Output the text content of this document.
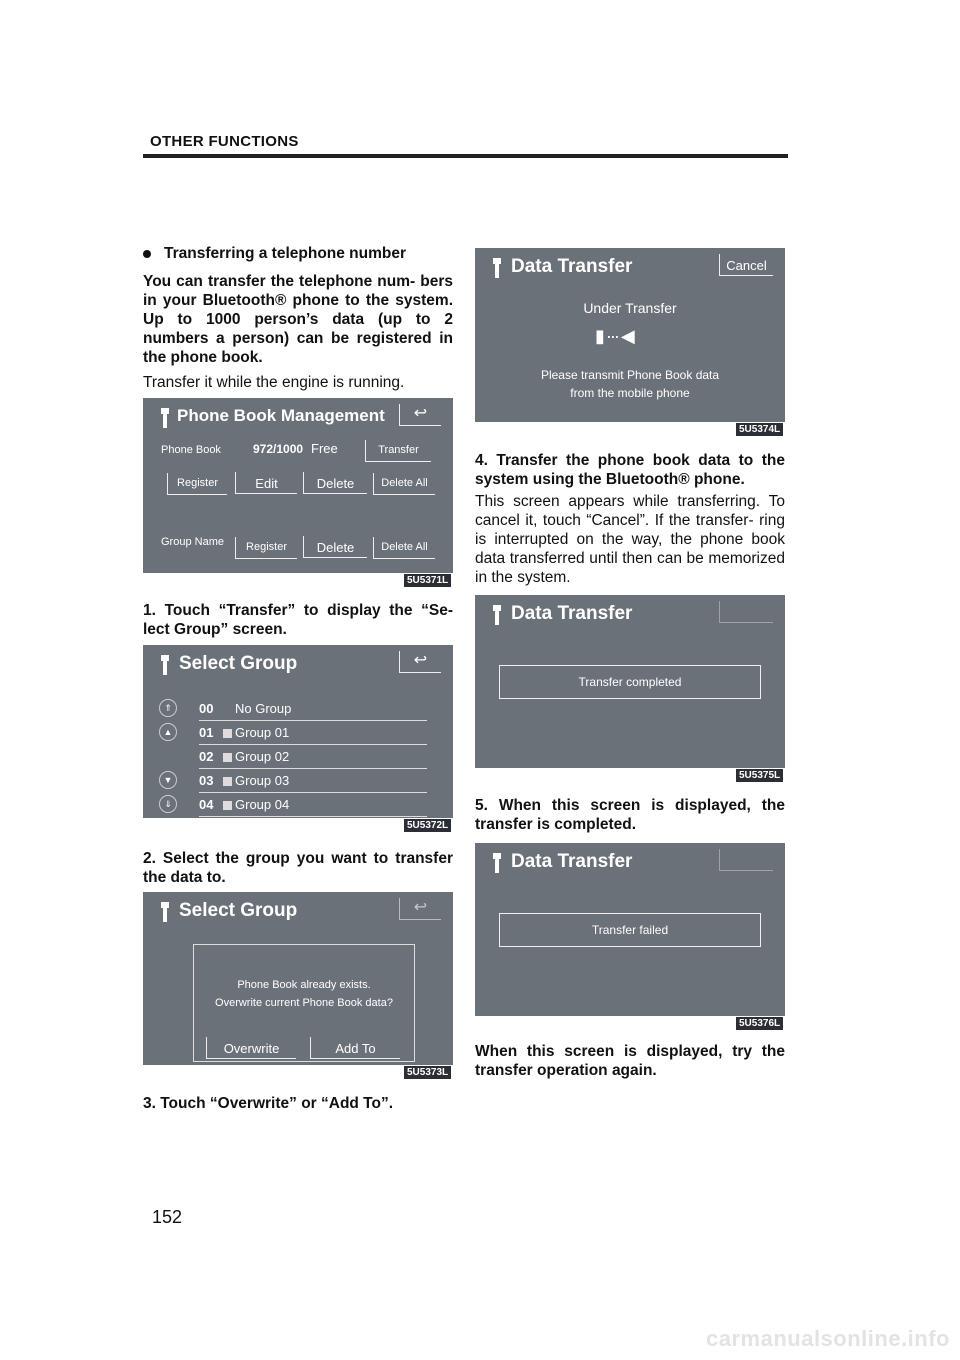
OTHER FUNCTIONS
Transferring a telephone number
You can transfer the telephone num- bers in your Bluetooth® phone to the system. Up to 1000 person’s data (up to 2 numbers a person) can be registered in the phone book.
Transfer it while the engine is running.
Phone Book Management	↩
Phone Book	972/1000 Free	Transfer
Register	Edit	Delete	Delete All
Group Name	Register	Delete	Delete All
5U5371L
1. Touch “Transfer” to display the “Se- lect Group” screen.
Select Group	↩
⇑
▲
▼
⇓
00 No Group
01 Group 01
02 Group 02
03 Group 03
04 Group 04
5U5372L
2. Select the group you want to transfer the data to.
Select Group	↩
Phone Book already exists.
Overwrite current Phone Book data?
Overwrite	Add To
5U5373L
3. Touch “Overwrite” or “Add To”.
Data Transfer	Cancel
Under Transfer
▮ ··· ◀
Please transmit Phone Book data
from the mobile phone
5U5374L
4. Transfer the phone book data to the system using the Bluetooth® phone.
This screen appears while transferring. To cancel it, touch “Cancel”. If the transfer- ring is interrupted on the way, the phone book data transferred until then can be memorized in the system.
Data Transfer
Transfer completed
5U5375L
5. When this screen is displayed, the transfer is completed.
Data Transfer
Transfer failed
5U5376L
When this screen is displayed, try the transfer operation again.
152
carmanualsonline.info
